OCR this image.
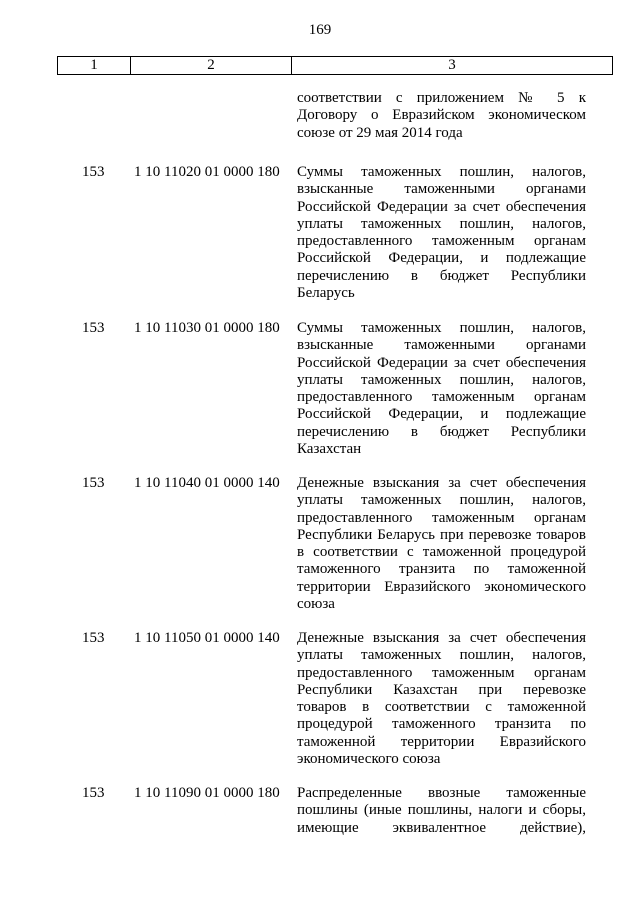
169
1	2	3
соответствии с приложением № 5 к
Договору о Евразийском экономическом
союзе от 29 мая 2014 года
153	1 10 11020 01 0000 180	Суммы таможенных пошлин, налогов,
взысканные таможенными органами
Российской Федерации за счет обеспечения
уплаты таможенных пошлин, налогов,
предоставленного таможенным органам
Российской Федерации, и подлежащие
перечислению в бюджет Республики
Беларусь
153	1 10 11030 01 0000 180	Суммы таможенных пошлин, налогов,
взысканные таможенными органами
Российской Федерации за счет обеспечения
уплаты таможенных пошлин, налогов,
предоставленного таможенным органам
Российской Федерации, и подлежащие
перечислению в бюджет Республики
Казахстан
153	1 10 11040 01 0000 140	Денежные взыскания за счет обеспечения
уплаты таможенных пошлин, налогов,
предоставленного таможенным органам
Республики Беларусь при перевозке товаров
в соответствии с таможенной процедурой
таможенного транзита по таможенной
территории Евразийского экономического
союза
153	1 10 11050 01 0000 140	Денежные взыскания за счет обеспечения
уплаты таможенных пошлин, налогов,
предоставленного таможенным органам
Республики Казахстан при перевозке
товаров в соответствии с таможенной
процедурой таможенного транзита по
таможенной территории Евразийского
экономического союза
153	1 10 11090 01 0000 180	Распределенные ввозные таможенные
пошлины (иные пошлины, налоги и сборы,
имеющие эквивалентное действие),
